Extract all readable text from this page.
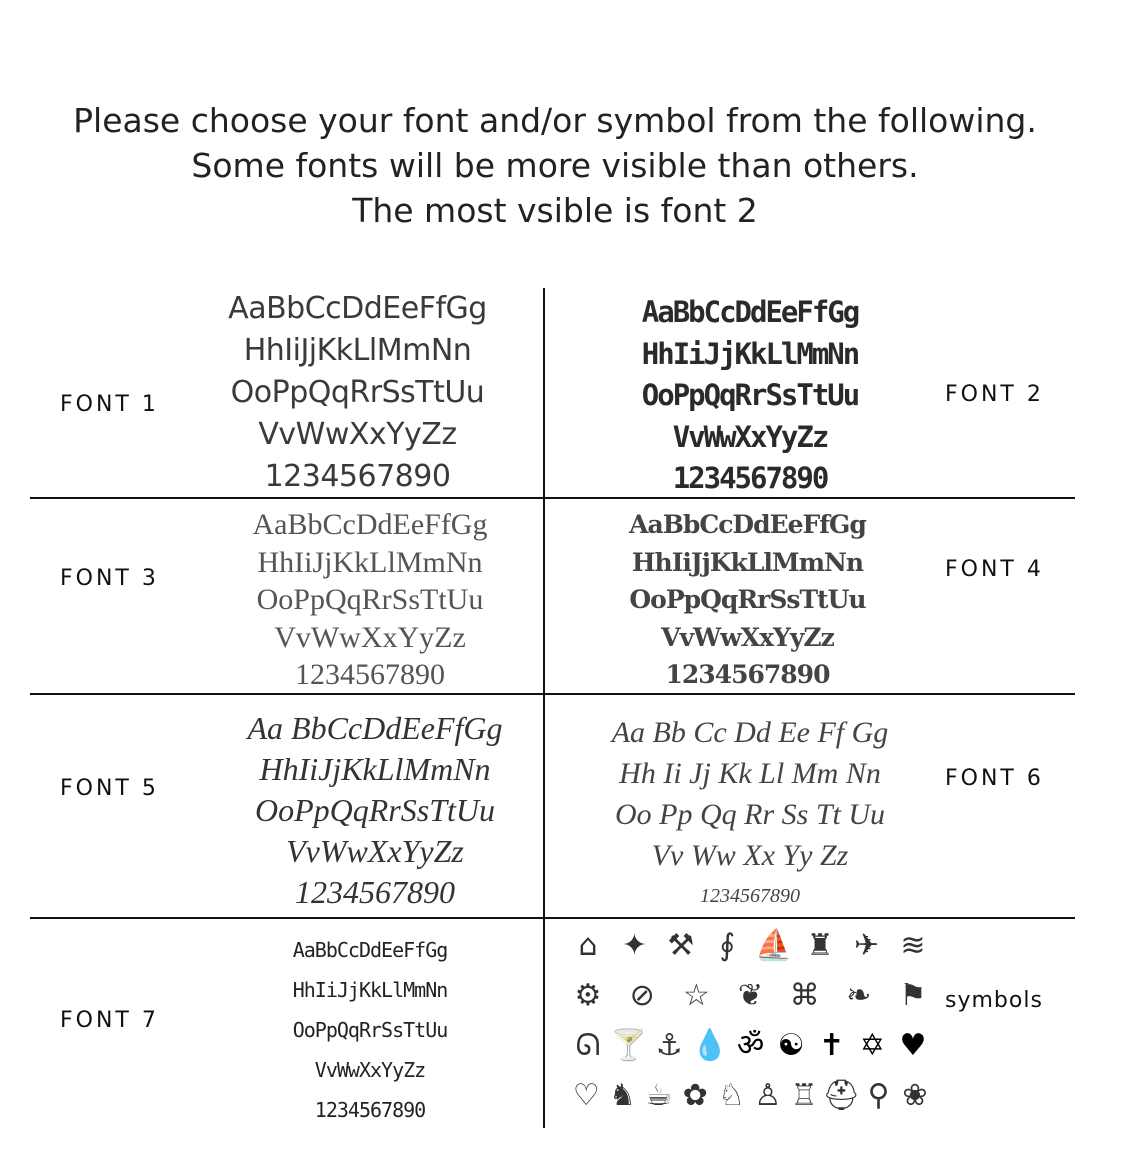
Please choose your font and/or symbol from the following.
Some fonts will be more visible than others.
The most vsible is font 2
FONT 1
AaBbCcDdEeFfGg
HhIiJjKkLlMmNn
OoPpQqRrSsTtUu
VvWwXxYyZz
1234567890
FONT 2
AaBbCcDdEeFfGg
HhIiJjKkLlMmNn
OoPpQqRrSsTtUu
VvWwXxYyZz
1234567890
FONT 3
AaBbCcDdEeFfGg
HhIiJjKkLlMmNn
OoPpQqRrSsTtUu
VvWwXxYyZz
1234567890
FONT 4
AaBbCcDdEeFfGg
HhIiJjKkLlMmNn
OoPpQqRrSsTtUu
VvWwXxYyZz
1234567890
FONT 5
Aa BbCcDdEeFfGg
HhIiJjKkLlMmNn
OoPpQqRrSsTtUu
VvWwXxYyZz
1234567890
FONT 6
Aa Bb Cc Dd Ee Ff Gg
Hh Ii Jj Kk Ll Mm Nn
Oo Pp Qq Rr Ss Tt Uu
Vv Ww Xx Yy Zz
1234567890
FONT 7
AaBbCcDdEeFfGg
HhIiJjKkLlMmNn
OoPpQqRrSsTtUu
VvWwXxYyZz
1234567890
symbols
⌂ ✦ ⚒ ∮ ⛵ ♜ ✈ ≋
⚙ ⊘ ☆ ❦ ⌘ ❧ ⚑
ᘏ 🍸 ⚓ 💧 ॐ ☯ ✝ ✡ ♥
♡ ♞ ☕ ✿ ♘ ♙ ♖ ⛑ ⚲ ❀
